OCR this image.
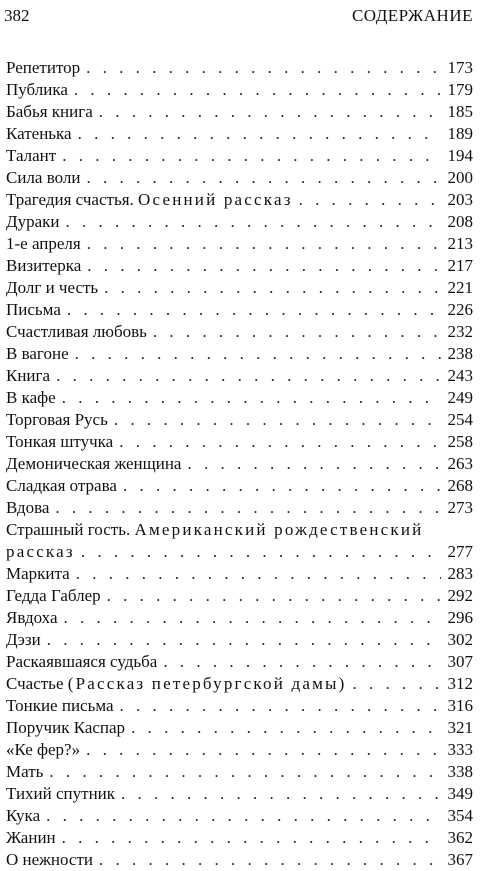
382	СОДЕРЖАНИЕ
Репетитор . . .	173
Публика . . .	179
Бабья книга . . .	185
Катенька . . .	189
Талант . . .	194
Сила воли . . .	200
Трагедия счастья. Осенний рассказ . . .	203
Дураки . . .	208
1-е апреля . . .	213
Визитерка . . .	217
Долг и честь . . .	221
Письма . . .	226
Счастливая любовь . . .	232
В вагоне . . .	238
Книга . . .	243
В кафе . . .	249
Торговая Русь . . .	254
Тонкая штучка . . .	258
Демоническая женщина . . .	263
Сладкая отрава . . .	268
Вдова . . .	273
Страшный гость. Американский рождественский
рассказ . . .	277
Маркита . . .	283
Гедда Габлер . . .	292
Явдоха . . .	296
Дэзи . . .	302
Раскаявшаяся судьба . . .	307
Счастье (Рассказ петербургской дамы) . . .	312
Тонкие письма . . .	316
Поручик Каспар . . .	321
«Ке фер?» . . .	333
Мать . . .	338
Тихий спутник . . .	349
Кука . . .	354
Жанин . . .	362
О нежности . . .	367
